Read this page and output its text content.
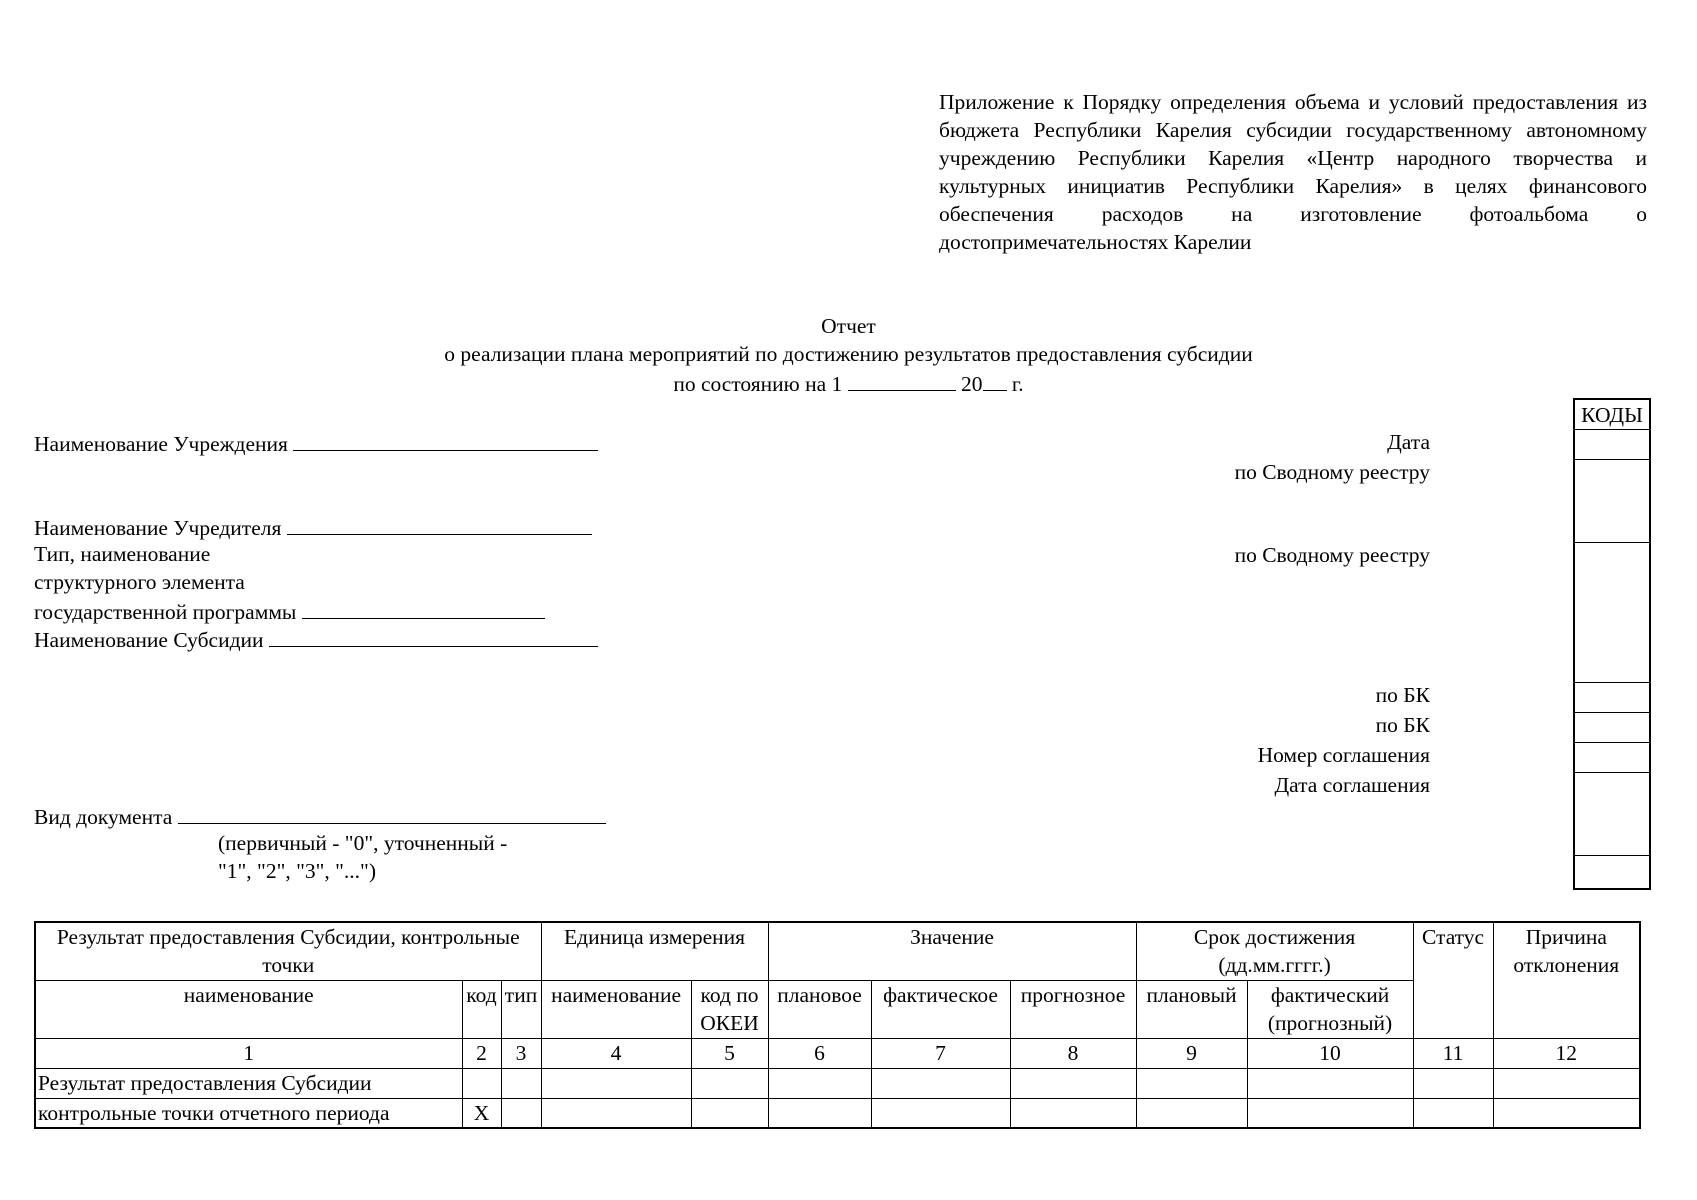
Приложение к Порядку определения объема и условий предоставления из бюджета Республики Карелия субсидии государственному автономному учреждению Республики Карелия «Центр народного творчества и культурных инициатив Республики Карелия» в целях финансового обеспечения расходов на изготовление фотоальбома о достопримечательностях Карелии
Отчет
о реализации плана мероприятий по достижению результатов предоставления субсидии
по состоянию на 1	20 г.
Наименование Учреждения
Наименование Учредителя
Тип, наименование
структурного элемента
государственной программы
Наименование Субсидии
Вид документа
(первичный - "0", уточненный -
"1", "2", "3", "...")
Дата
по Сводному реестру
по Сводному реестру
по БК
по БК
Номер соглашения
Дата соглашения
КОДЫ
Результат предоставления Субсидии, контрольные точки			Единица измерения		Значение			Срок достижения (дд.мм.гггг.)		Статус	Причина отклонения
наименование	код	тип	наименование	код по ОКЕИ	плановое	фактическое	прогнозное	плановый	фактический (прогнозный)		
1	2	3	4	5	6	7	8	9	10	11	12
Результат предоставления Субсидии											
контрольные точки отчетного периода	X										
